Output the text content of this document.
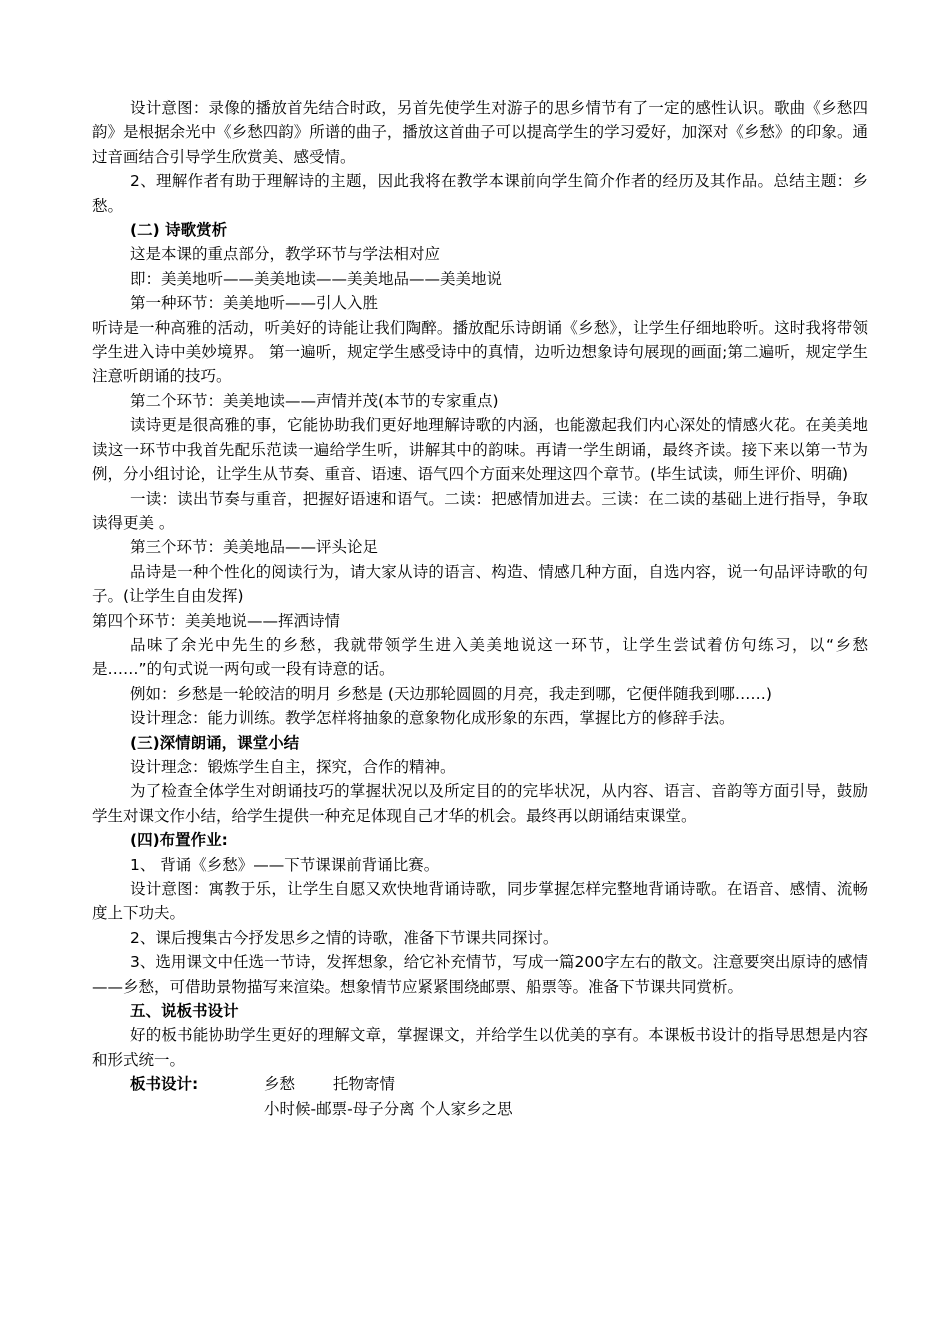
设计意图：录像的播放首先结合时政，另首先使学生对游子的思乡情节有了一定的感性认识。歌曲《乡愁四韵》是根据余光中《乡愁四韵》所谱的曲子，播放这首曲子可以提高学生的学习爱好，加深对《乡愁》的印象。通过音画结合引导学生欣赏美、感受情。

2、理解作者有助于理解诗的主题，因此我将在教学本课前向学生简介作者的经历及其作品。总结主题：乡愁。

(二) 诗歌赏析

这是本课的重点部分，教学环节与学法相对应

即：美美地听——美美地读——美美地品——美美地说

第一种环节：美美地听——引人入胜

听诗是一种高雅的活动，听美好的诗能让我们陶醉。播放配乐诗朗诵《乡愁》，让学生仔细地聆听。这时我将带领学生进入诗中美妙境界。 第一遍听，规定学生感受诗中的真情，边听边想象诗句展现的画面;第二遍听，规定学生注意听朗诵的技巧。

第二个环节：美美地读——声情并茂(本节的专家重点)

读诗更是很高雅的事，它能协助我们更好地理解诗歌的内涵，也能激起我们内心深处的情感火花。在美美地读这一环节中我首先配乐范读一遍给学生听，讲解其中的韵味。再请一学生朗诵，最终齐读。接下来以第一节为例，分小组讨论，让学生从节奏、重音、语速、语气四个方面来处理这四个章节。(毕生试读，师生评价、明确)

一读：读出节奏与重音，把握好语速和语气。二读：把感情加进去。三读：在二读的基础上进行指导，争取读得更美 。

第三个环节：美美地品——评头论足

品诗是一种个性化的阅读行为，请大家从诗的语言、构造、情感几种方面，自选内容，说一句品评诗歌的句子。(让学生自由发挥)

第四个环节：美美地说——挥洒诗情

品味了余光中先生的乡愁，我就带领学生进入美美地说这一环节，让学生尝试着仿句练习，以“乡愁是……”的句式说一两句或一段有诗意的话。

例如：乡愁是一轮皎洁的明月 乡愁是 (天边那轮圆圆的月亮，我走到哪，它便伴随我到哪……)

设计理念：能力训练。教学怎样将抽象的意象物化成形象的东西，掌握比方的修辞手法。

(三)深情朗诵，课堂小结

设计理念：锻炼学生自主，探究，合作的精神。

为了检查全体学生对朗诵技巧的掌握状况以及所定目的的完毕状况，从内容、语言、音韵等方面引导，鼓励学生对课文作小结，给学生提供一种充足体现自己才华的机会。最终再以朗诵结束课堂。

(四)布置作业:

1、 背诵《乡愁》——下节课课前背诵比赛。

设计意图：寓教于乐，让学生自愿又欢快地背诵诗歌，同步掌握怎样完整地背诵诗歌。在语音、感情、流畅度上下功夫。

2、课后搜集古今抒发思乡之情的诗歌，准备下节课共同探讨。

3、选用课文中任选一节诗，发挥想象，给它补充情节，写成一篇200字左右的散文。注意要突出原诗的感情——乡愁，可借助景物描写来渲染。想象情节应紧紧围绕邮票、船票等。准备下节课共同赏析。

五、说板书设计

好的板书能协助学生更好的理解文章，掌握课文，并给学生以优美的享有。本课板书设计的指导思想是内容和形式统一。

板书设计:	乡愁 托物寄情
小时候-邮票-母子分离 个人家乡之思
